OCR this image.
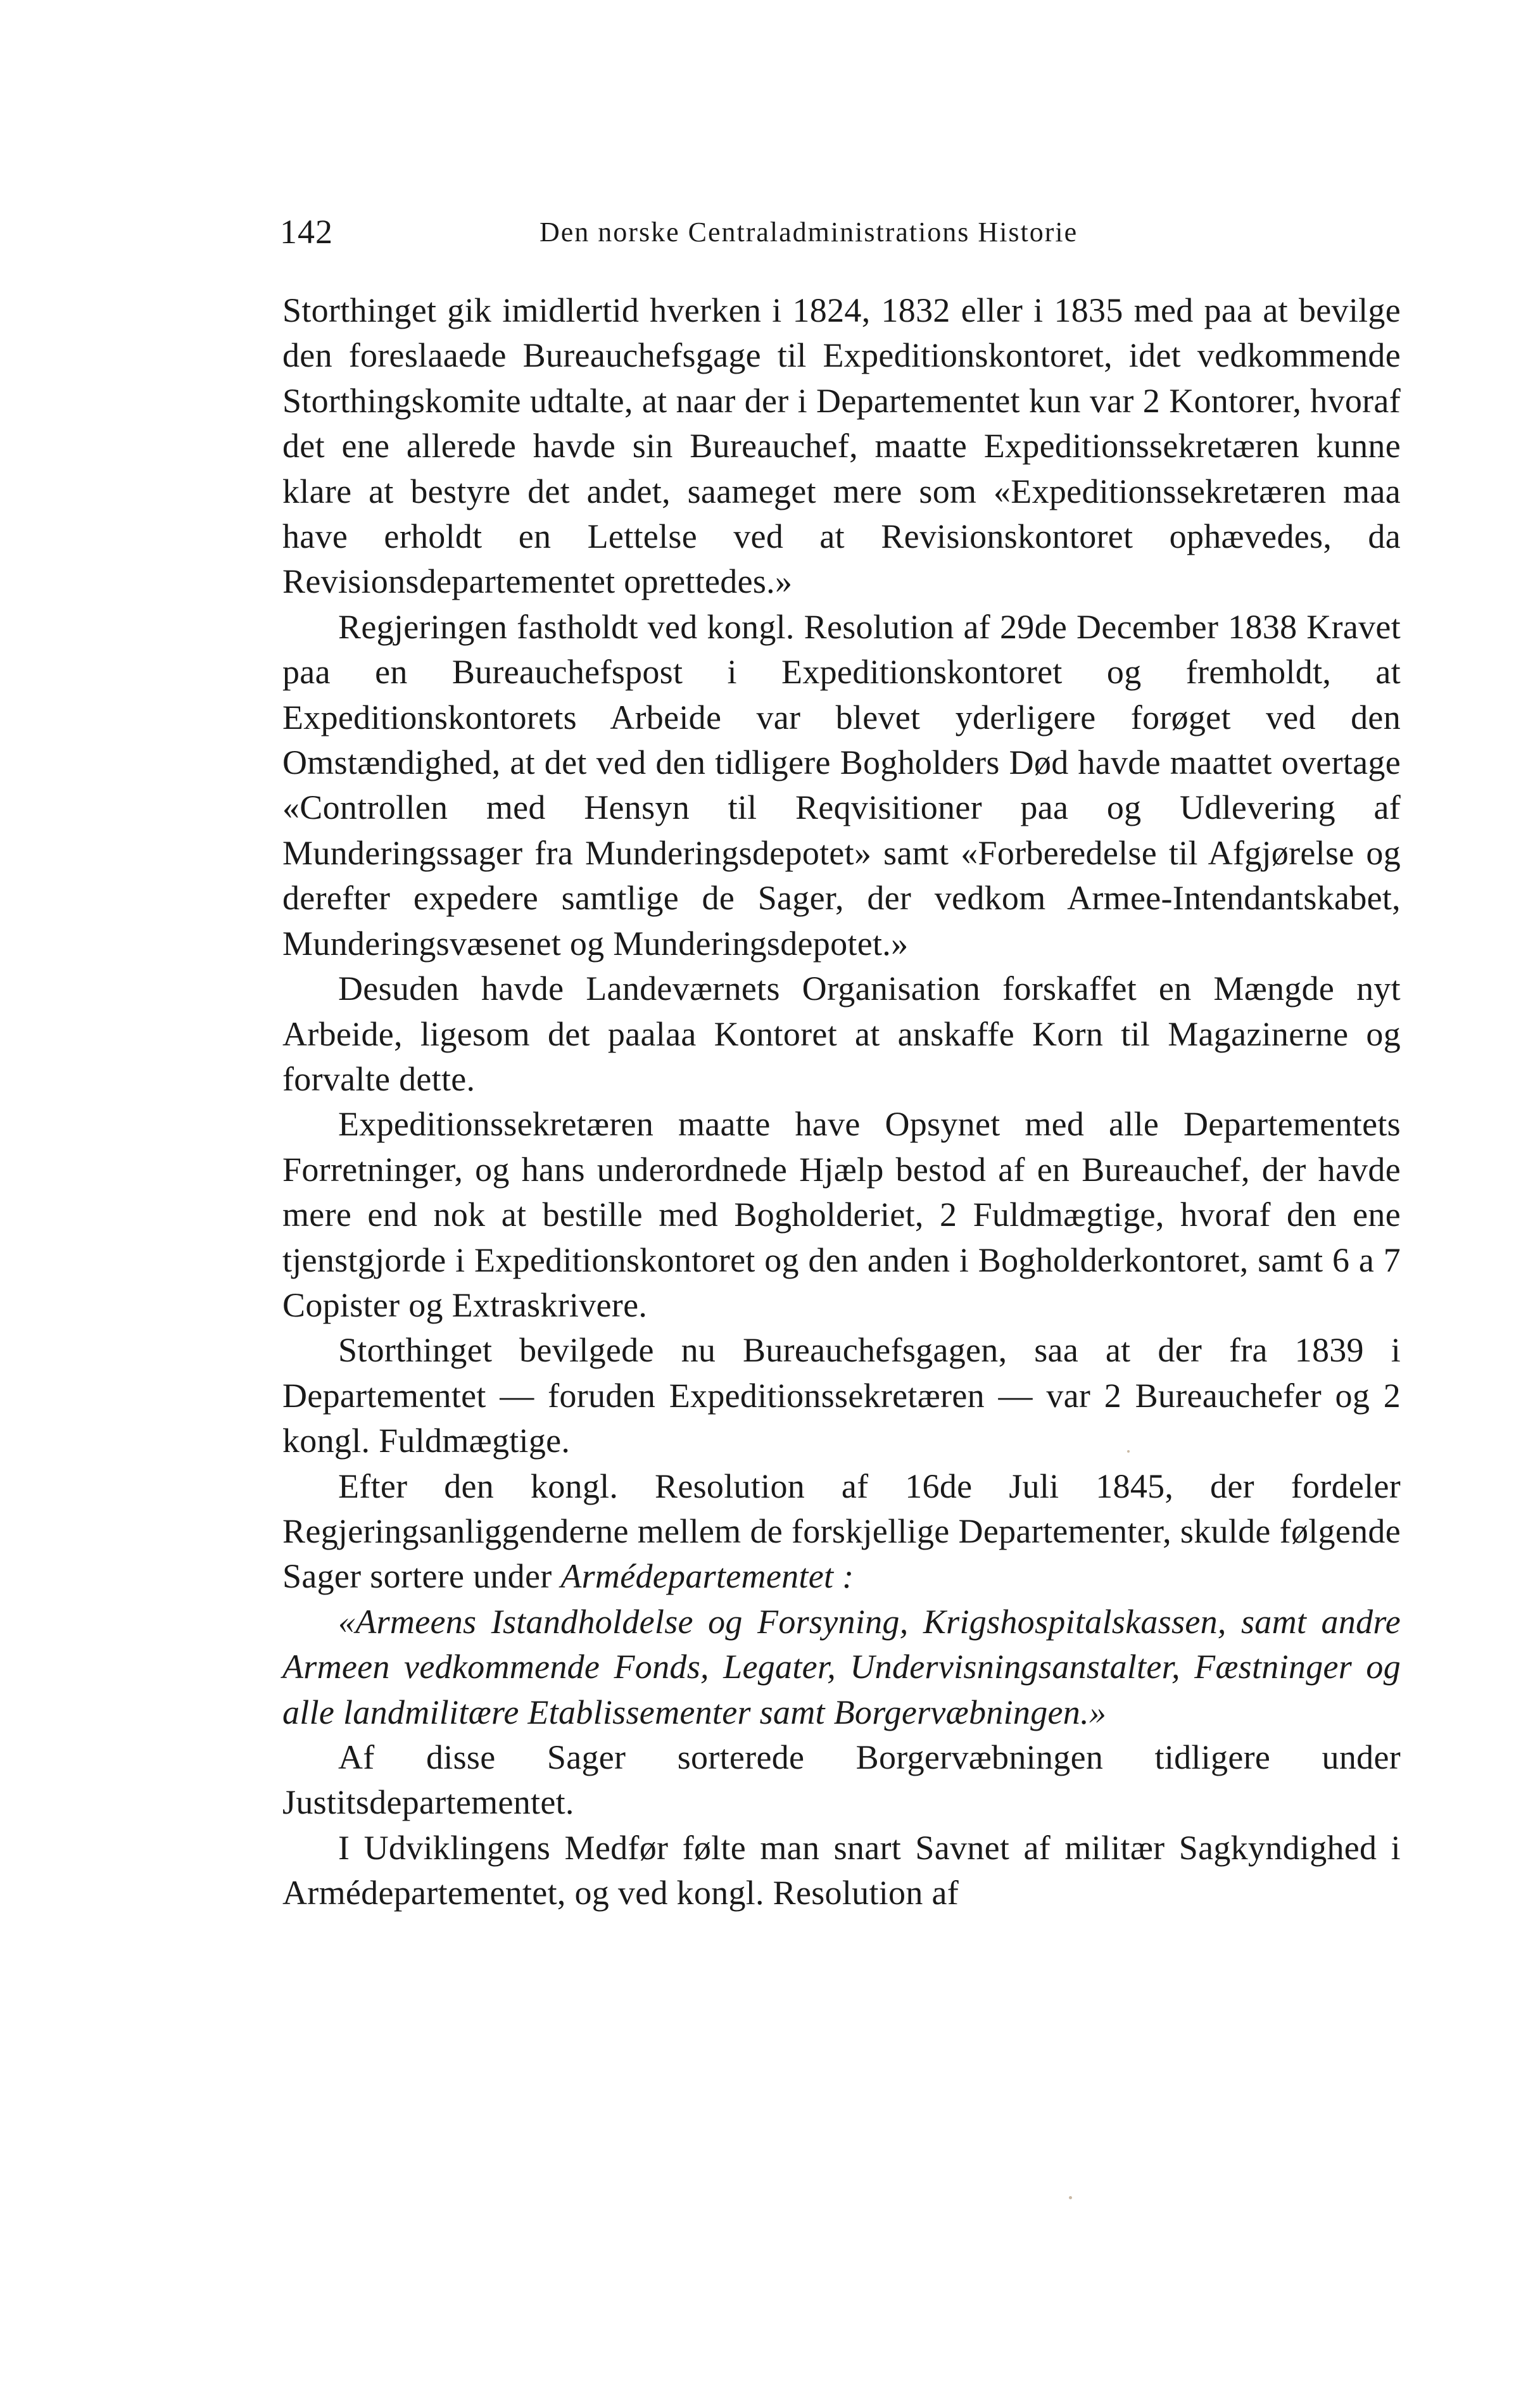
142	Den norske Centraladministrations Historie

Storthinget gik imidlertid hverken i 1824, 1832 eller i 1835 med paa at bevilge den foreslaaede Bureauchefsgage til Expeditionskontoret, idet vedkommende Storthingskomite udtalte, at naar der i Departementet kun var 2 Kontorer, hvoraf det ene allerede havde sin Bureauchef, maatte Expeditionssekretæren kunne klare at bestyre det andet, saameget mere som «Expeditionssekretæren maa have erholdt en Lettelse ved at Revisionskontoret ophævedes, da Revisionsdepartementet oprettedes.»

Regjeringen fastholdt ved kongl. Resolution af 29de December 1838 Kravet paa en Bureauchefspost i Expeditionskontoret og fremholdt, at Expeditionskontorets Arbeide var blevet yderligere forøget ved den Omstændighed, at det ved den tidligere Bogholders Død havde maattet overtage «Controllen med Hensyn til Reqvisitioner paa og Udlevering af Munderingssager fra Munderingsdepotet» samt «Forberedelse til Afgjørelse og derefter expedere samtlige de Sager, der vedkom Armee-Intendantskabet, Munderingsvæsenet og Munderingsdepotet.»

Desuden havde Landeværnets Organisation forskaffet en Mængde nyt Arbeide, ligesom det paalaa Kontoret at anskaffe Korn til Magazinerne og forvalte dette.

Expeditionssekretæren maatte have Opsynet med alle Departementets Forretninger, og hans underordnede Hjælp bestod af en Bureauchef, der havde mere end nok at bestille med Bogholderiet, 2 Fuldmægtige, hvoraf den ene tjenstgjorde i Expeditionskontoret og den anden i Bogholderkontoret, samt 6 a 7 Copister og Extraskrivere.

Storthinget bevilgede nu Bureauchefsgagen, saa at der fra 1839 i Departementet — foruden Expeditionssekretæren — var 2 Bureauchefer og 2 kongl. Fuldmægtige.

Efter den kongl. Resolution af 16de Juli 1845, der fordeler Regjeringsanliggenderne mellem de forskjellige Departementer, skulde følgende Sager sortere under Armédepartementet :

«Armeens Istandholdelse og Forsyning, Krigshospitalskassen, samt andre Armeen vedkommende Fonds, Legater, Undervisningsanstalter, Fæstninger og alle landmilitære Etablissementer samt Borgervæbningen.»

Af disse Sager sorterede Borgervæbningen tidligere under Justitsdepartementet.

I Udviklingens Medfør følte man snart Savnet af militær Sagkyndighed i Armédepartementet, og ved kongl. Resolution af
